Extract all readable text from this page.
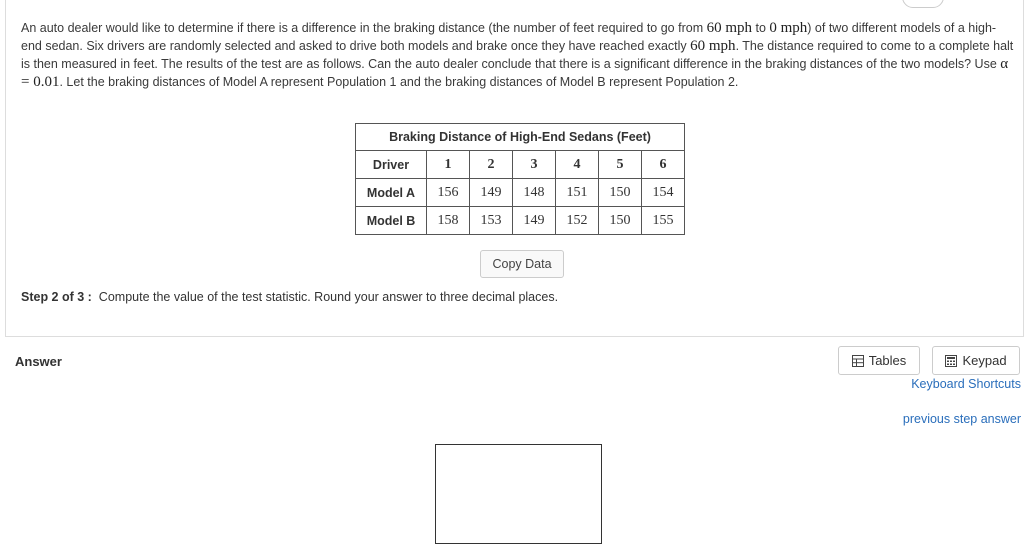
An auto dealer would like to determine if there is a difference in the braking distance (the number of feet required to go from 60 mph to 0 mph) of two different models of a high-end sedan. Six drivers are randomly selected and asked to drive both models and brake once they have reached exactly 60 mph. The distance required to come to a complete halt is then measured in feet. The results of the test are as follows. Can the auto dealer conclude that there is a significant difference in the braking distances of the two models? Use α = 0.01. Let the braking distances of Model A represent Population 1 and the braking distances of Model B represent Population 2.
Braking Distance of High-End Sedans (Feet)						
Driver	1	2	3	4	5	6
Model A	156	149	148	151	150	154
Model B	158	153	149	152	150	155
Copy Data
Step 2 of 3 : Compute the value of the test statistic. Round your answer to three decimal places.
Answer	Tables	Keypad
Keyboard Shortcuts
previous step answer
